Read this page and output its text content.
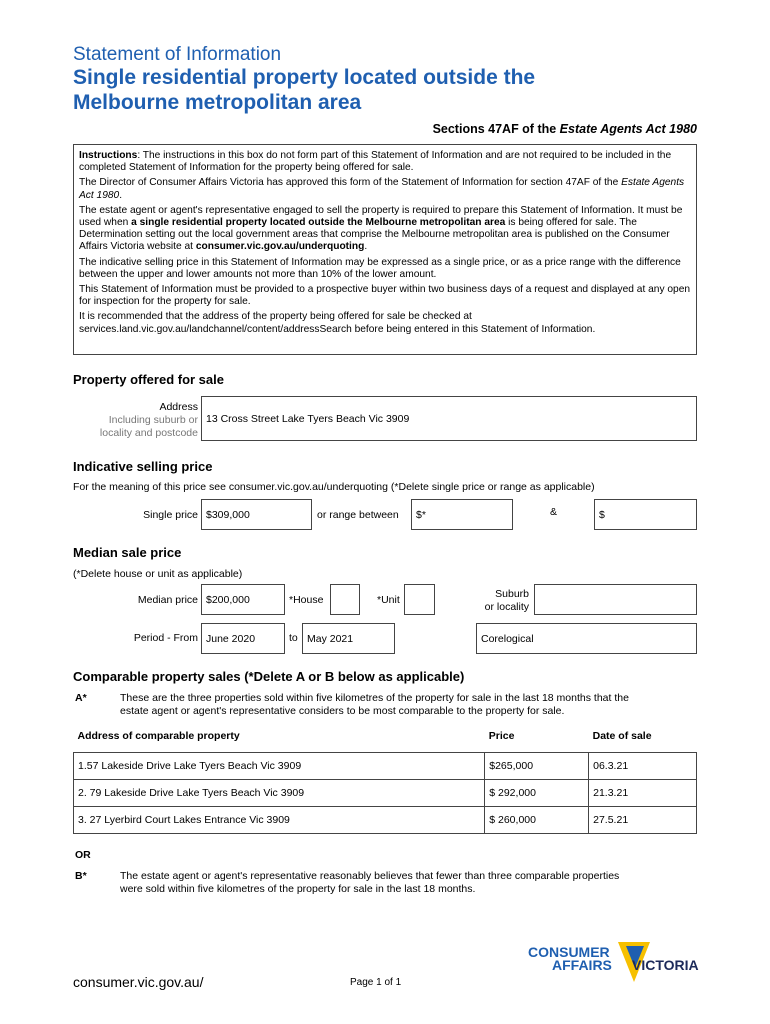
Statement of Information
Single residential property located outside the
Melbourne metropolitan area
Sections 47AF of the Estate Agents Act 1980

Instructions: The instructions in this box do not form part of this Statement of Information and are not required to be included in the completed Statement of Information for the property being offered for sale.

The Director of Consumer Affairs Victoria has approved this form of the Statement of Information for section 47AF of the Estate Agents Act 1980.

The estate agent or agent's representative engaged to sell the property is required to prepare this Statement of Information. It must be used when a single residential property located outside the Melbourne metropolitan area is being offered for sale. The Determination setting out the local government areas that comprise the Melbourne metropolitan area is published on the Consumer Affairs Victoria website at consumer.vic.gov.au/underquoting.

The indicative selling price in this Statement of Information may be expressed as a single price, or as a price range with the difference between the upper and lower amounts not more than 10% of the lower amount.

This Statement of Information must be provided to a prospective buyer within two business days of a request and displayed at any open for inspection for the property for sale.

It is recommended that the address of the property being offered for sale be checked at services.land.vic.gov.au/landchannel/content/addressSearch before being entered in this Statement of Information.

Property offered for sale
Address
Including suburb or
locality and postcode
13 Cross Street Lake Tyers Beach Vic 3909
Indicative selling price
For the meaning of this price see consumer.vic.gov.au/underquoting (*Delete single price or range as applicable)
Single price $309,000	or range between	$*	&	$
Median sale price
(*Delete house or unit as applicable)
Median price $200,000	*House	*Unit	Suburb
or locality
Period - From June 2020	to May 2021	Corelogical
Comparable property sales (*Delete A or B below as applicable)
A*	These are the three properties sold within five kilometres of the property for sale in the last 18 months that the
estate agent or agent's representative considers to be most comparable to the property for sale.
Address of comparable property	Price	Date of sale

1.57 Lakeside Drive Lake Tyers Beach Vic 3909	$265,000	06.3.21
2. 79 Lakeside Drive Lake Tyers Beach Vic 3909	$ 292,000	21.3.21
3. 27 Lyerbird Court Lakes Entrance Vic 3909	$ 260,000	27.5.21
OR
B*	The estate agent or agent's representative reasonably believes that fewer than three comparable properties
were sold within five kilometres of the property for sale in the last 18 months.
CONSUMER
AFFAIRS VICTORIA
consumer.vic.gov.au/	Page 1 of 1
